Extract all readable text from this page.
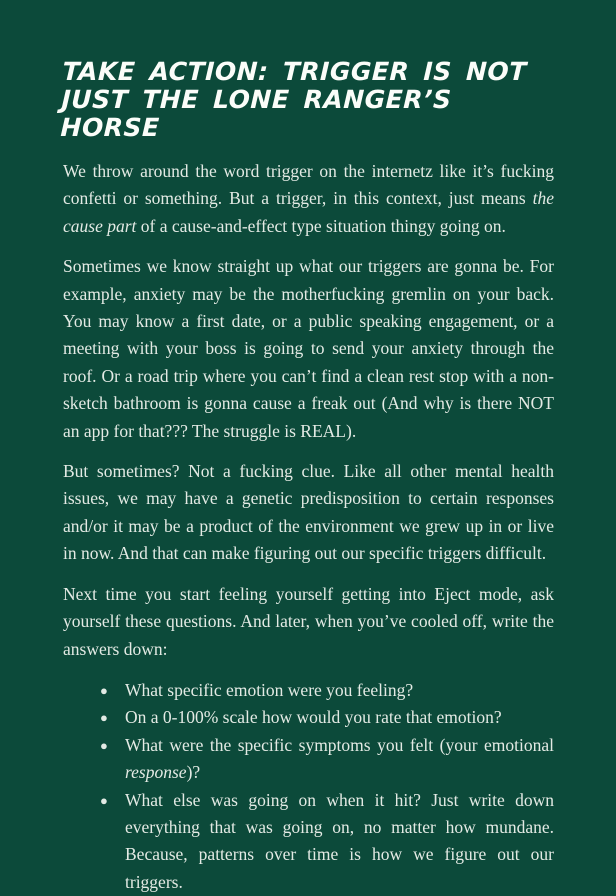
TAKE ACTION: TRIGGER IS NOT JUST THE LONE RANGER’S HORSE

We throw around the word trigger on the internetz like it’s fucking confetti or something. But a trigger, in this context, just means the cause part of a cause-and-effect type situation thingy going on.

Sometimes we know straight up what our triggers are gonna be. For example, anxiety may be the motherfucking gremlin on your back. You may know a first date, or a public speaking engagement, or a meeting with your boss is going to send your anxiety through the roof. Or a road trip where you can’t find a clean rest stop with a non-sketch bathroom is gonna cause a freak out (And why is there NOT an app for that??? The struggle is REAL).

But sometimes? Not a fucking clue. Like all other mental health issues, we may have a genetic predisposition to certain responses and/or it may be a product of the environment we grew up in or live in now. And that can make figuring out our specific triggers difficult.

Next time you start feeling yourself getting into Eject mode, ask yourself these questions. And later, when you’ve cooled off, write the answers down:

● What specific emotion were you feeling?
● On a 0-100% scale how would you rate that emotion?
● What were the specific symptoms you felt (your emotional response)?
● What else was going on when it hit? Just write down everything that was going on, no matter how mundane. Because, patterns over time is how we figure out our triggers.
